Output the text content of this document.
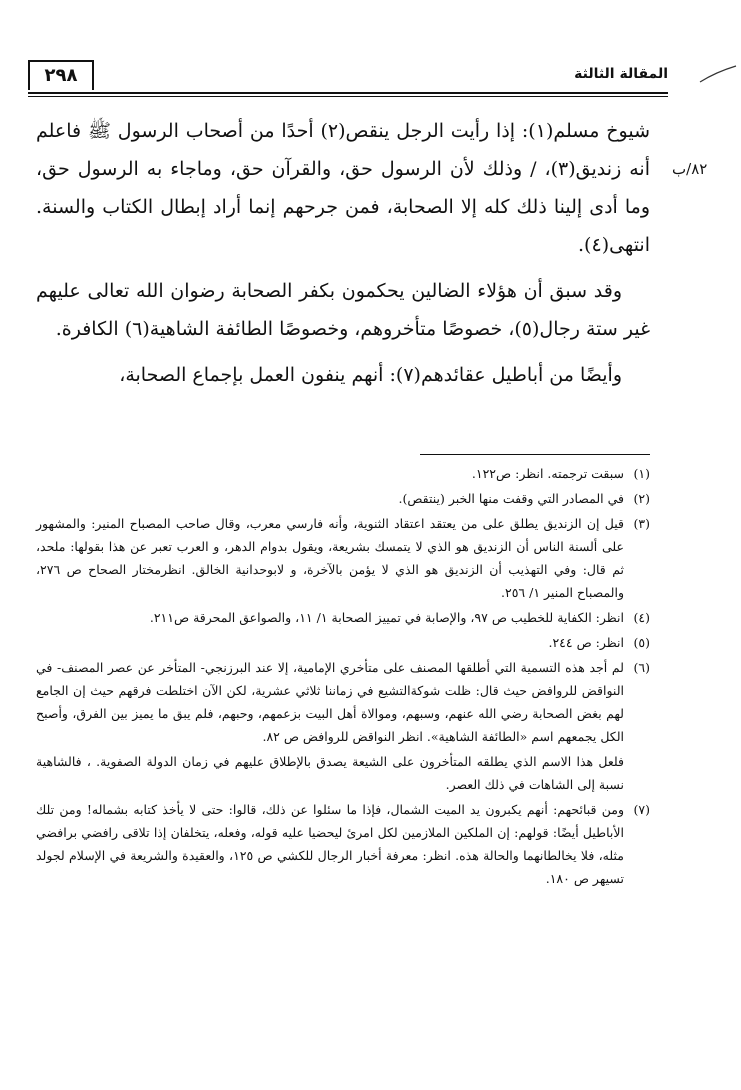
٢٩٨	المقالة الثالثة
٨٢/ب

شيوخ مسلم(١): إذا رأيت الرجل ينقص(٢) أحدًا من أصحاب الرسول ﷺ فاعلم أنه زنديق(٣)، / وذلك لأن الرسول حق، والقرآن حق، وماجاء به الرسول حق، وما أدى إلينا ذلك كله إلا الصحابة، فمن جرحهم إنما أراد إبطال الكتاب والسنة. انتهى(٤).

وقد سبق أن هؤلاء الضالين يحكمون بكفر الصحابة رضوان الله تعالى عليهم غير ستة رجال(٥)، خصوصًا متأخروهم، وخصوصًا الطائفة الشاهية(٦) الكافرة.

وأيضًا من أباطيل عقائدهم(٧): أنهم ينفون العمل بإجماع الصحابة،

(١)سبقت ترجمته. انظر: ص١٢٢.
(٢)في المصادر التي وقفت منها الخبر (ينتقص).
(٣)قيل إن الزنديق يطلق على من يعتقد اعتقاد الثنوية، وأنه فارسي معرب، وقال صاحب المصباح المنير: والمشهور على ألسنة الناس أن الزنديق هو الذي لا يتمسك بشريعة، ويقول بدوام الدهر، و العرب تعبر عن هذا بقولها: ملحد، ثم قال: وفي التهذيب أن الزنديق هو الذي لا يؤمن بالآخرة، و لابوحدانية الخالق. انظرمختار الصحاح ص ٢٧٦، والمصباح المنير ١/ ٢٥٦.
(٤)انظر: الكفاية للخطيب ص ٩٧، والإصابة في تمييز الصحابة ١/ ١١، والصواعق المحرقة ص٢١١.
(٥)انظر: ص ٢٤٤.
(٦)لم أجد هذه التسمية التي أطلقها المصنف على متأخري الإمامية، إلا عند البرزنجي- المتأخر عن عصر المصنف- في النواقض للروافض حيث قال: ظلت شوكةالتشيع في زماننا ثلاثي عشرية، لكن الآن اختلطت فرقهم حيث إن الجامع لهم بغض الصحابة رضي الله عنهم، وسبهم، وموالاة أهل البيت بزعمهم، وحبهم، فلم يبق ما يميز بين الفرق، وأصبح الكل يجمعهم اسم «الطائفة الشاهية». انظر النواقض للروافض ص ٨٢.
فلعل هذا الاسم الذي يطلقه المتأخرون على الشيعة يصدق بالإطلاق عليهم في زمان الدولة الصفوية. ، فالشاهية نسبة إلى الشاهات في ذلك العصر.
(٧)ومن قبائحهم: أنهم يكبرون يد الميت الشمال، فإذا ما سئلوا عن ذلك، قالوا: حتى لا يأخذ كتابه بشماله! ومن تلك الأباطيل أيضًا: قولهم: إن الملكين الملازمين لكل امرئ ليحضيا عليه قوله، وفعله، يتخلفان إذا تلاقى رافضي برافضي مثله، فلا يخالطانهما والحالة هذه. انظر: معرفة أخبار الرجال للكشي ص ١٢٥، والعقيدة والشريعة في الإسلام لجولد تسيهر ص ١٨٠.
